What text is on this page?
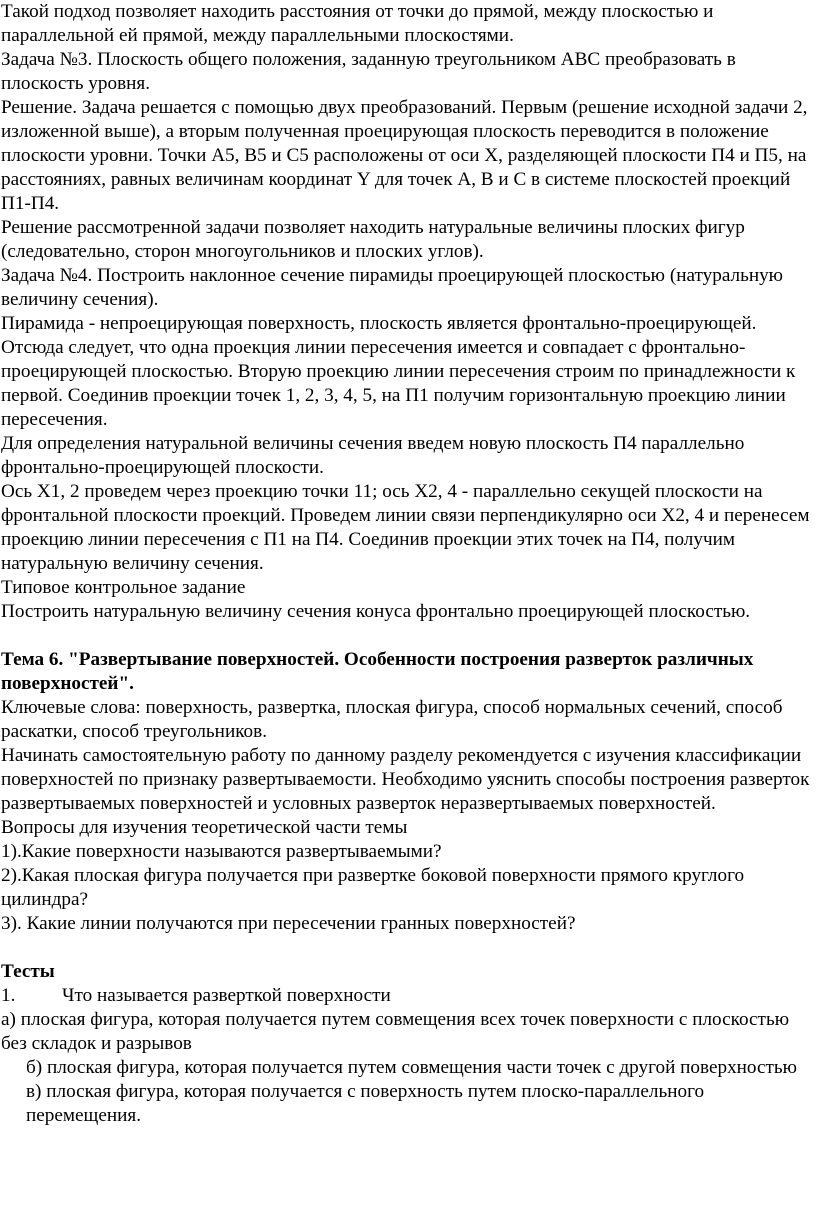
Такой подход позволяет находить расстояния от точки до прямой, между плоскостью и параллельной ей прямой, между параллельными плоскостями.

Задача №3. Плоскость общего положения, заданную треугольником ABC преобразовать в плоскость уровня.

Решение. Задача решается с помощью двух преобразований. Первым (решение исходной задачи 2, изложенной выше), а вторым полученная проецирующая плоскость переводится в положение плоскости уровни. Точки A5, B5 и C5 расположены от оси X, разделяющей плоскости П4 и П5, на расстояниях, равных величинам координат Y для точек A, B и C в системе плоскостей проекций П1-П4.

Решение рассмотренной задачи позволяет находить натуральные величины плоских фигур (следовательно, сторон многоугольников и плоских углов).

Задача №4. Построить наклонное сечение пирамиды проецирующей плоскостью (натуральную величину сечения).

Пирамида - непроецирующая поверхность, плоскость является фронтально-проецирующей. Отсюда следует, что одна проекция линии пересечения имеется и совпадает с фронтально-проецирующей плоскостью. Вторую проекцию линии пересечения строим по принадлежности к первой. Соединив проекции точек 1, 2, 3, 4, 5, на П1 получим горизонтальную проекцию линии пересечения.

Для определения натуральной величины сечения введем новую плоскость П4 параллельно фронтально-проецирующей плоскости.

Ось X1, 2 проведем через проекцию точки 11; ось X2, 4 - параллельно секущей плоскости на фронтальной плоскости проекций. Проведем линии связи перпендикулярно оси X2, 4 и перенесем проекцию линии пересечения с П1 на П4. Соединив проекции этих точек на П4, получим натуральную величину сечения.

Типовое контрольное задание

Построить натуральную величину сечения конуса фронтально проецирующей плоскостью.

Тема 6. "Развертывание поверхностей. Особенности построения разверток различных поверхностей".

Ключевые слова: поверхность, развертка, плоская фигура, способ нормальных сечений, способ раскатки, способ треугольников.

Начинать самостоятельную работу по данному разделу рекомендуется с изучения классификации поверхностей по признаку развертываемости. Необходимо уяснить способы построения разверток развертываемых поверхностей и условных разверток неразвертываемых поверхностей.

Вопросы для изучения теоретической части темы

1).Какие поверхности называются развертываемыми?

2).Какая плоская фигура получается при развертке боковой поверхности прямого круглого цилиндра?

3). Какие линии получаются при пересечении гранных поверхностей?

Тесты

1. Что называется разверткой поверхности

а) плоская фигура, которая получается путем совмещения всех точек поверхности с плоскостью без складок и разрывов

б) плоская фигура, которая получается путем совмещения части точек с другой поверхностью

в) плоская фигура, которая получается с поверхность путем плоско-параллельного перемещения.
